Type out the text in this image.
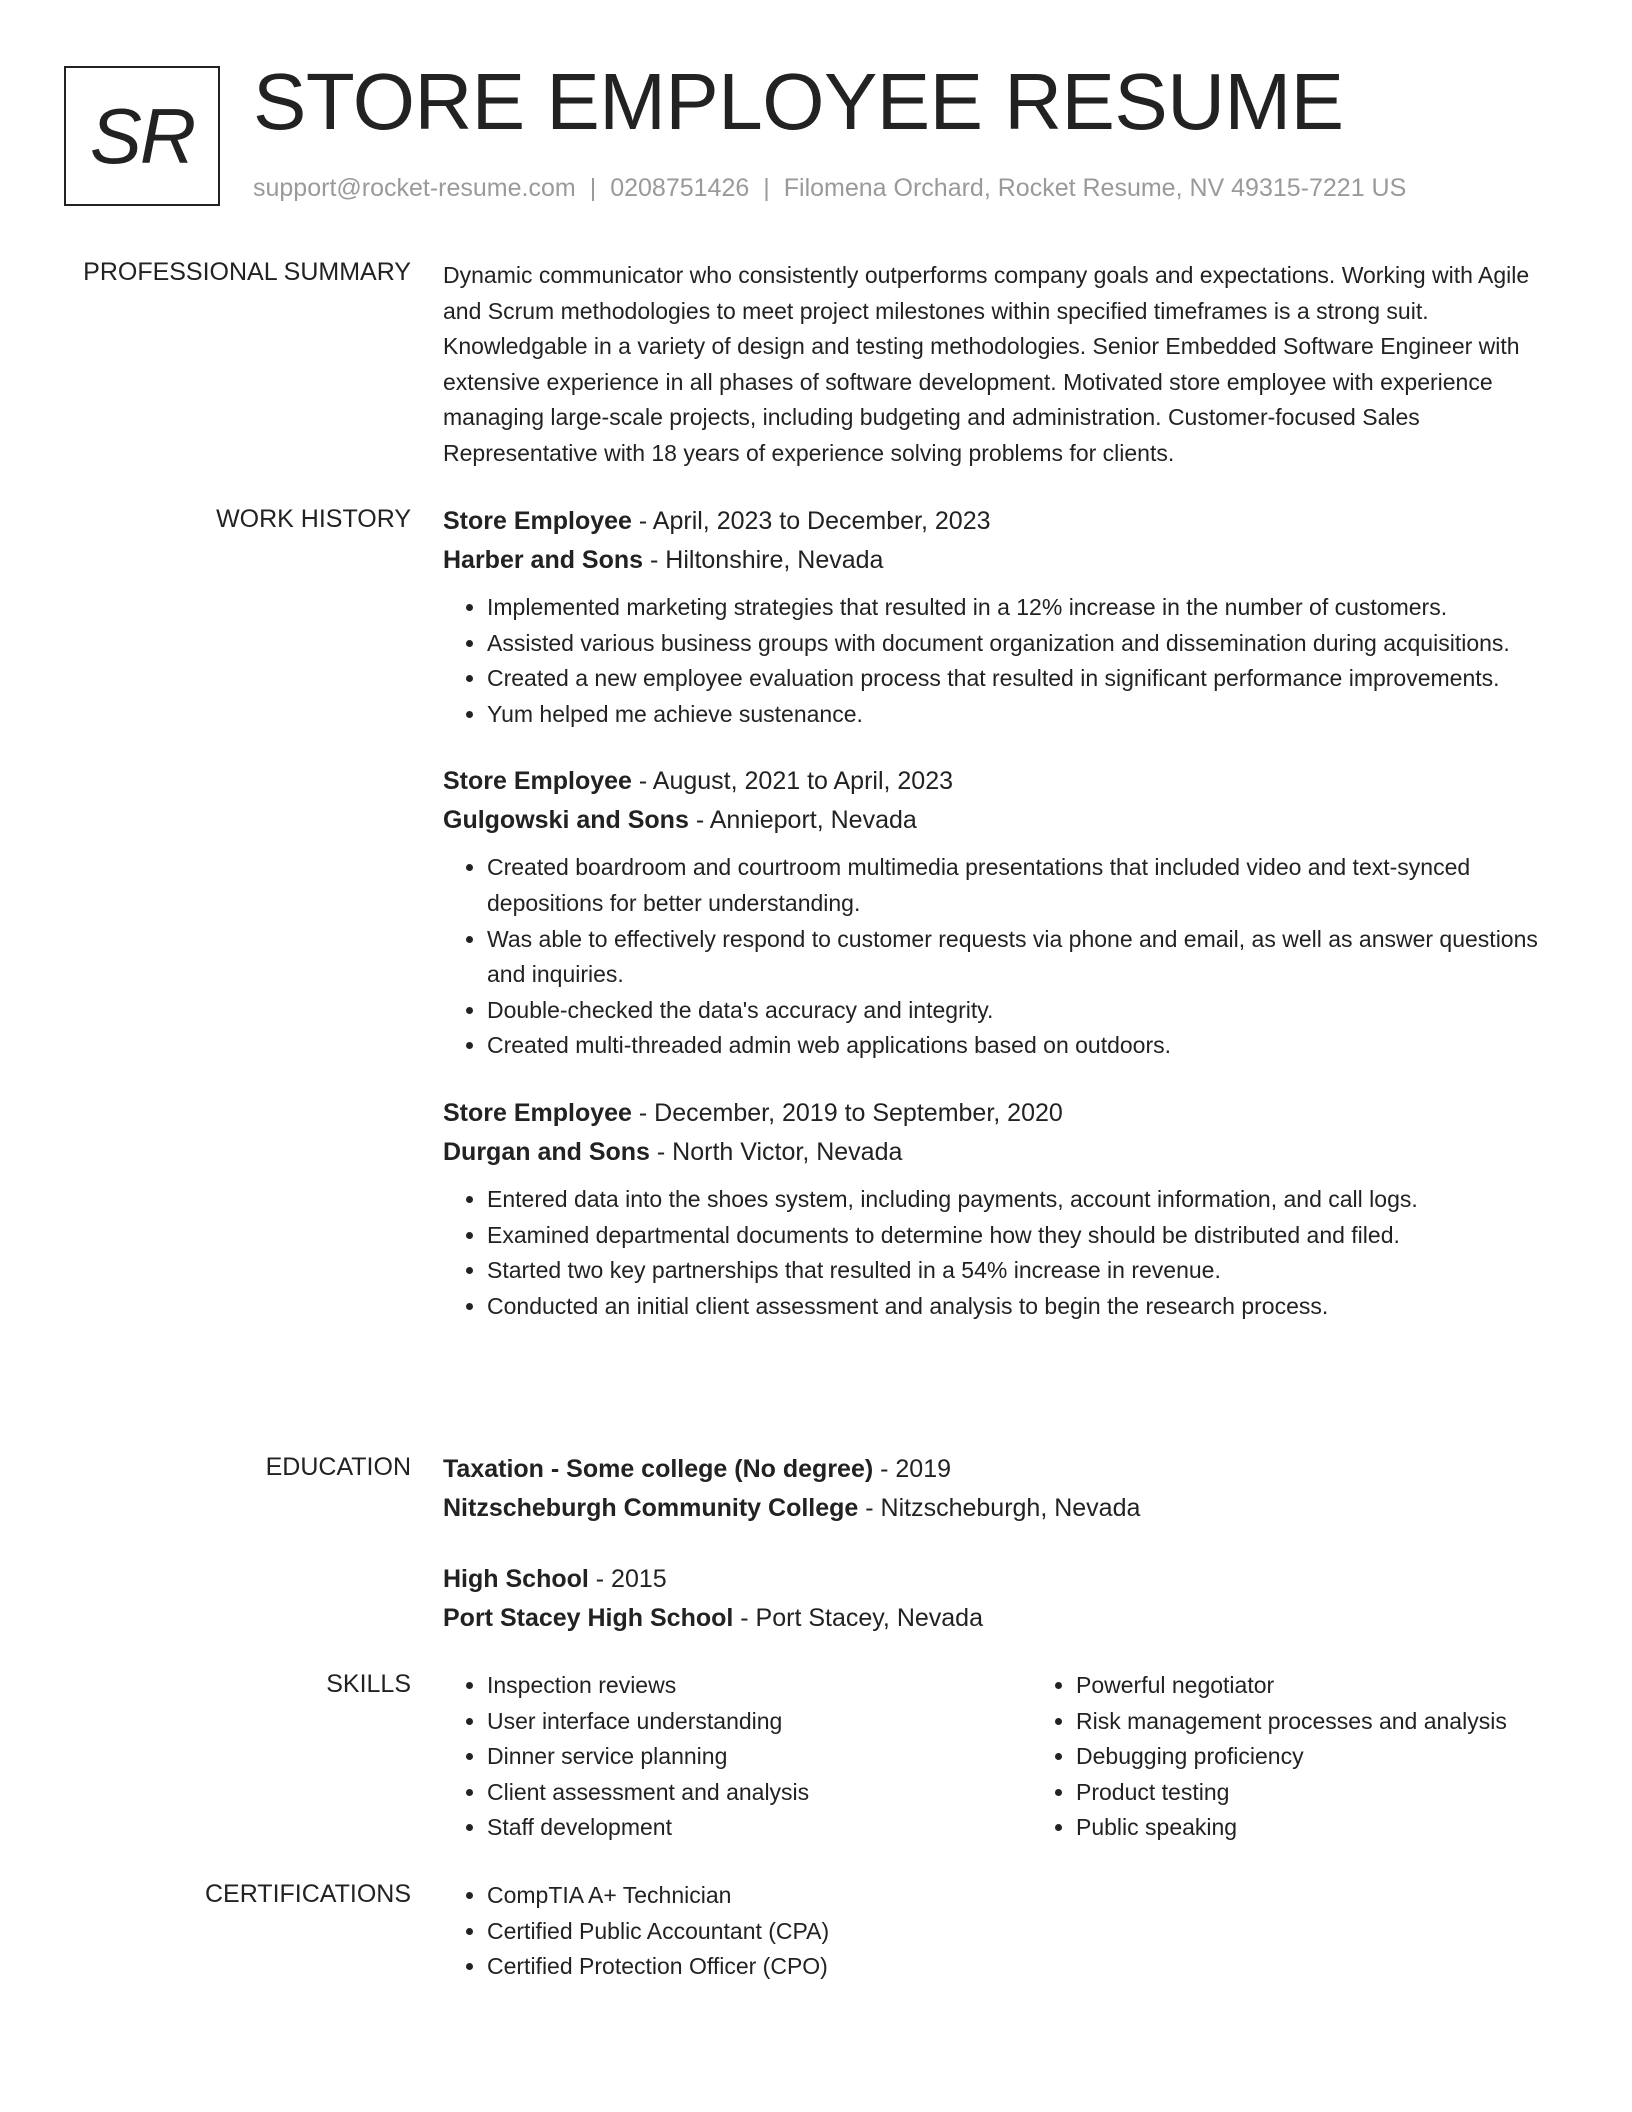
SR STORE EMPLOYEE RESUME
support@rocket-resume.com | 0208751426 | Filomena Orchard, Rocket Resume, NV 49315-7221 US
PROFESSIONAL SUMMARY Dynamic communicator who consistently outperforms company goals and expectations. Working with Agile and Scrum methodologies to meet project milestones within specified timeframes is a strong suit. Knowledgable in a variety of design and testing methodologies. Senior Embedded Software Engineer with extensive experience in all phases of software development. Motivated store employee with experience managing large-scale projects, including budgeting and administration. Customer-focused Sales Representative with 18 years of experience solving problems for clients.

WORK HISTORY Store Employee - April, 2023 to December, 2023
Harber and Sons - Hiltonshire, Nevada
• Implemented marketing strategies that resulted in a 12% increase in the number of customers.
• Assisted various business groups with document organization and dissemination during acquisitions.
• Created a new employee evaluation process that resulted in significant performance improvements.
• Yum helped me achieve sustenance.
Store Employee - August, 2021 to April, 2023
Gulgowski and Sons - Annieport, Nevada
• Created boardroom and courtroom multimedia presentations that included video and text-synced depositions for better understanding.
• Was able to effectively respond to customer requests via phone and email, as well as answer questions and inquiries.
• Double-checked the data's accuracy and integrity.
• Created multi-threaded admin web applications based on outdoors.
Store Employee - December, 2019 to September, 2020
Durgan and Sons - North Victor, Nevada
• Entered data into the shoes system, including payments, account information, and call logs.
• Examined departmental documents to determine how they should be distributed and filed.
• Started two key partnerships that resulted in a 54% increase in revenue.
• Conducted an initial client assessment and analysis to begin the research process.
EDUCATION Taxation - Some college (No degree) - 2019
Nitzscheburgh Community College - Nitzscheburgh, Nevada
High School - 2015
Port Stacey High School - Port Stacey, Nevada
SKILLS	• Inspection reviews
• User interface understanding
• Dinner service planning
• Client assessment and analysis
• Staff development
• Powerful negotiator
• Risk management processes and analysis
• Debugging proficiency
• Product testing
• Public speaking
CERTIFICATIONS	• CompTIA A+ Technician
• Certified Public Accountant (CPA)
• Certified Protection Officer (CPO)
